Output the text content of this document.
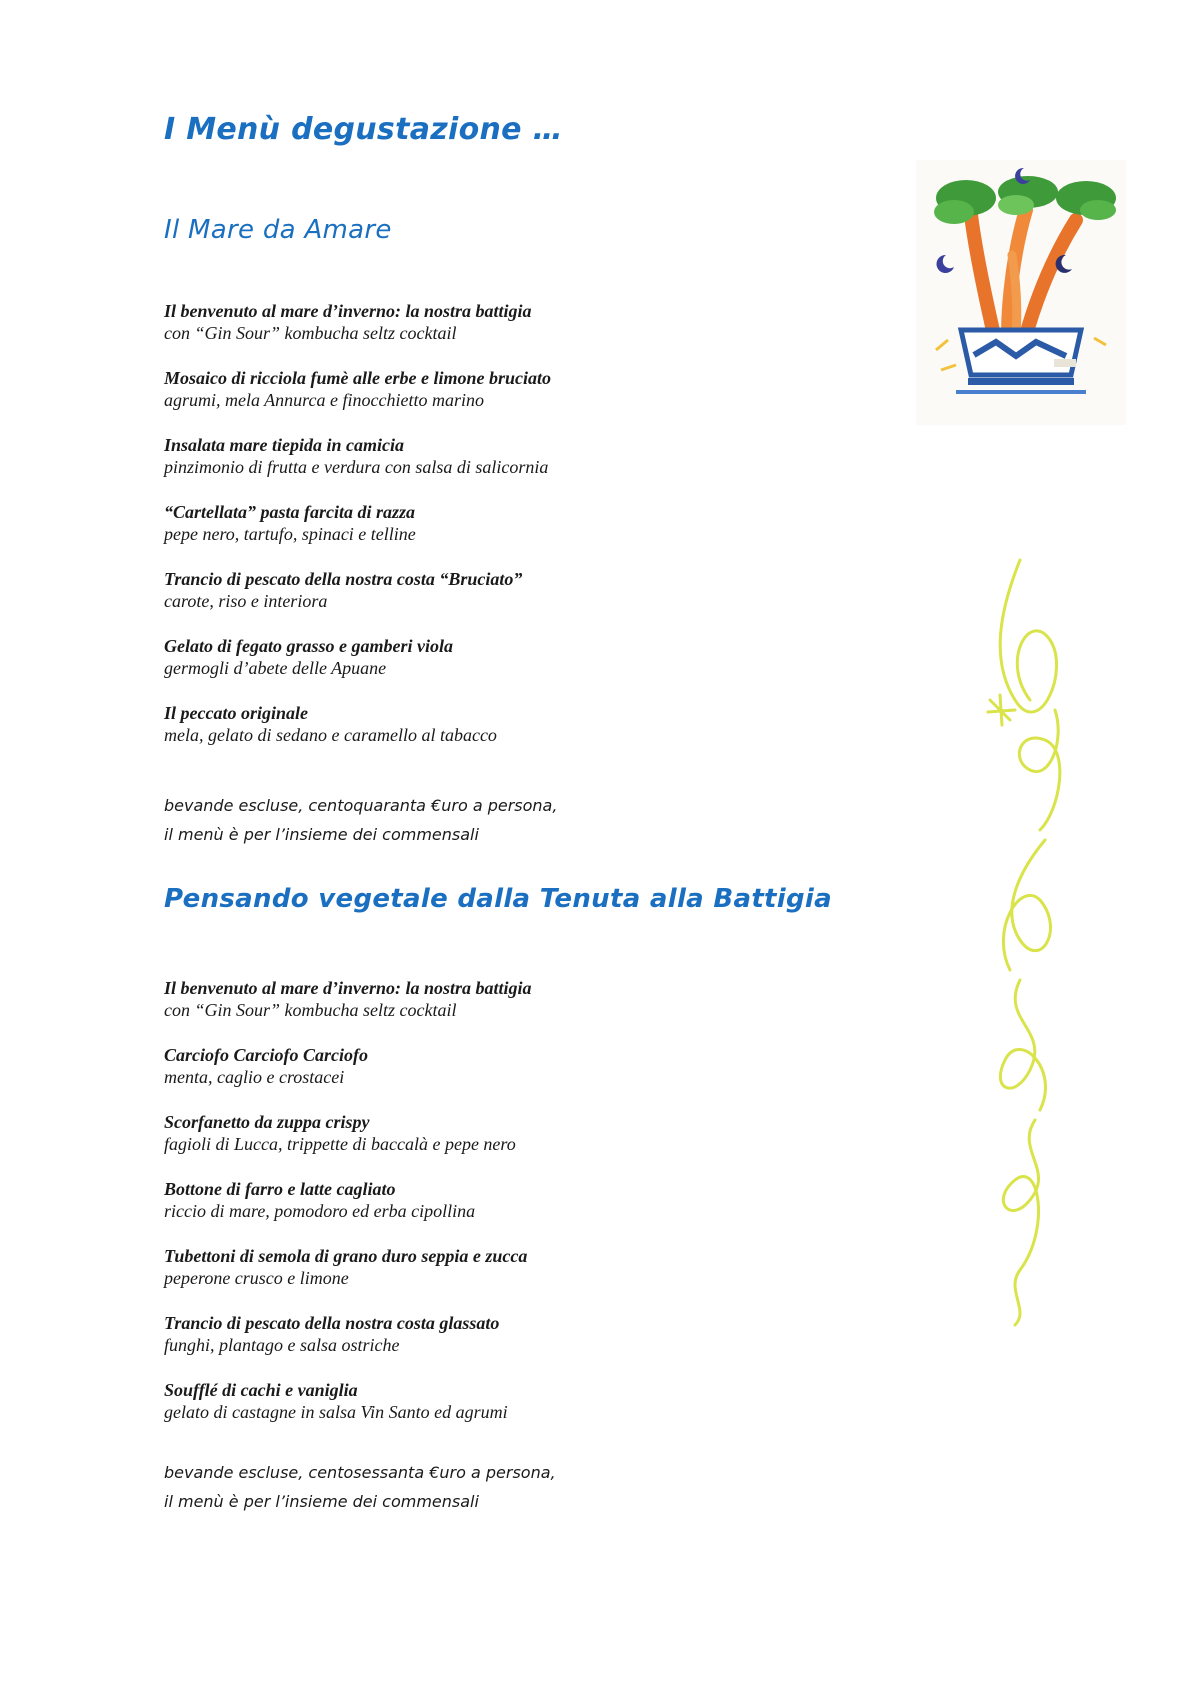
I Menù degustazione …
Il Mare da Amare
Il benvenuto al mare d’inverno: la nostra battigia
con “Gin Sour” kombucha seltz cocktail
Mosaico di ricciola fumè alle erbe e limone bruciato
agrumi, mela Annurca e finocchietto marino
Insalata mare tiepida in camicia
pinzimonio di frutta e verdura con salsa di salicornia
“Cartellata” pasta farcita di razza
pepe nero, tartufo, spinaci e telline
Trancio di pescato della nostra costa “Bruciato”
carote, riso e interiora
Gelato di fegato grasso e gamberi viola
germogli d’abete delle Apuane
Il peccato originale
mela, gelato di sedano e caramello al tabacco
bevande escluse, centoquaranta €uro a persona,
il menù è per l’insieme dei commensali
Pensando vegetale dalla Tenuta alla Battigia
Il benvenuto al mare d’inverno: la nostra battigia
con “Gin Sour” kombucha seltz cocktail
Carciofo Carciofo Carciofo
menta, caglio e crostacei
Scorfanetto da zuppa crispy
fagioli di Lucca, trippette di baccalà e pepe nero
Bottone di farro e latte cagliato
riccio di mare, pomodoro ed erba cipollina
Tubettoni di semola di grano duro seppia e zucca
peperone crusco e limone
Trancio di pescato della nostra costa glassato
funghi, plantago e salsa ostriche
Soufflé di cachi e vaniglia
gelato di castagne in salsa Vin Santo ed agrumi
bevande escluse, centosessanta €uro a persona,
il menù è per l’insieme dei commensali
